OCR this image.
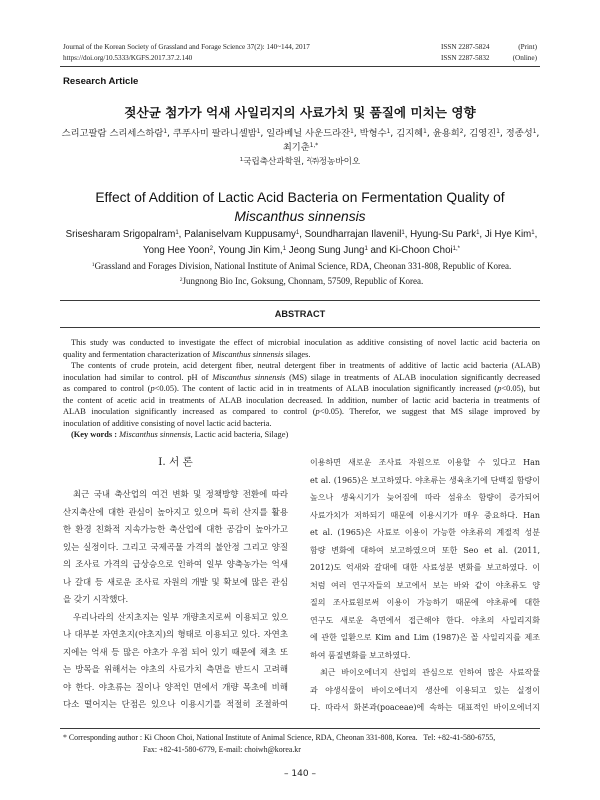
Journal of the Korean Society of Grassland and Forage Science 37(2): 140~144, 2017	ISSN 2287-5824	(Print)
https://doi.org/10.5333/KGFS.2017.37.2.140	ISSN 2287-5832	(Online)
Research Article
젖산균 첨가가 억새 사일리지의 사료가치 및 품질에 미치는 영향
스리고팔람 스리세스하람$^1$, 쿠푸사미 팔라니셀밤$^1$, 일라베닐 사운드라잔$^1$, 박형수$^1$, 김지혜$^1$, 윤용희$^2$, 김영진$^1$, 정종성$^1$,
최기춘$^{1,*}$
$^1$국립축산과학원, $^2$㈜정농바이오
Effect of Addition of Lactic Acid Bacteria on Fermentation Quality of
Miscanthus sinnensis
Srisesharam Srigopalram$^1$, Palaniselvam Kuppusamy$^1$, Soundharrajan Ilavenil$^1$, Hyung-Su Park$^1$, Ji Hye Kim$^1$,
Yong Hee Yoon$^2$, Young Jin Kim,$^1$ Jeong Sung Jung$^1$ and Ki-Choon Choi$^{1,*}$
$^1$Grassland and Forages Division, National Institute of Animal Science, RDA, Cheonan 331-808, Republic of Korea.
$^2$Jungnong Bio Inc, Goksung, Chonnam, 57509, Republic of Korea.
ABSTRACT
This study was conducted to investigate the effect of microbial inoculation as additive consisting of novel lactic acid bacteria on
quality and fermentation characterization of Miscanthus sinnensis silages.
The contents of crude protein, acid detergent fiber, neutral detergent fiber in treatments of additive of lactic acid bacteria (ALAB)
inoculation had similar to control. pH of Miscanthus sinnensis (MS) silage in treatments of ALAB inoculation significantly decreased
as compared to control (p<0.05). The content of lactic acid in in treatments of ALAB inoculation significantly increased (p<0.05), but
the content of acetic acid in treatments of ALAB inoculation decreased. In addition, number of lactic acid bacteria in treatments of
ALAB inoculation significantly increased as compared to control (p<0.05). Therefor, we suggest that MS silage improved by
inoculation of additive consisting of novel lactic acid bacteria.
(Key words : Miscanthus sinnensis, Lactic acid bacteria, Silage)
Ⅰ. 서 론
최근 국내 축산업의 여건 변화 및 정책방향 전환에 따라
산지축산에 대한 관심이 높아지고 있으며 특히 산지를 활용
한 환경 친화적 지속가능한 축산업에 대한 공감이 높아가고
있는 실정이다. 그리고 국제곡물 가격의 불안정 그리고 양질
의 조사료 가격의 급상승으로 인하여 일부 양축농가는 억새
나 갈대 등 새로운 조사료 자원의 개발 및 확보에 많은 관심
을 갖기 시작했다.
우리나라의 산지초지는 일부 개량초지로써 이용되고 있으
나 대부분 자연초지(야초지)의 형태로 이용되고 있다. 자연초
지에는 억새 등 많은 야초가 우점 되어 있기 때문에 채초 또
는 방목을 위해서는 야초의 사료가치 측면을 반드시 고려해
야 한다. 야초류는 질이나 양적인 면에서 개량 목초에 비해
다소 떨어지는 단점은 있으나 이용시기를 적절히 조절하여
이용하면 새로운 조사료 자원으로 이용할 수 있다고 Han
et al. (1965)은 보고하였다. 야초류는 생육초기에 단백질 함량이
높으나 생육시기가 늦어짐에 따라 섬유소 함량이 증가되어
사료가치가 저하되기 때문에 이용시기가 매우 중요하다. Han
et al. (1965)은 사료로 이용이 가능한 야초류의 계절적 성분
함량 변화에 대하여 보고하였으며 또한 Seo et al. (2011,
2012)도 억새와 갈대에 대한 사료성분 변화를 보고하였다. 이
처럼 여러 연구자들의 보고에서 보는 바와 같이 야초류도 양
질의 조사료원로써 이용이 가능하기 때문에 야초류에 대한
연구도 새로운 측면에서 접근해야 한다. 야초의 사일리지화
에 관한 일환으로 Kim and Lim (1987)은 꼴 사일리지를 제조
하여 품질변화를 보고하였다.
최근 바이오에너지 산업의 관심으로 인하여 많은 사료작물
과 야생식물이 바이오에너지 생산에 이용되고 있는 실정이
다. 따라서 화본과(poaceae)에 속하는 대표적인 바이오에너지
* Corresponding author : Ki Choon Choi, National Institute of Animal Science, RDA, Cheonan 331-808, Korea.   Tel: +82-41-580-6755,
Fax: +82-41-580-6779, E-mail: choiwh@korea.kr
– 140 –
